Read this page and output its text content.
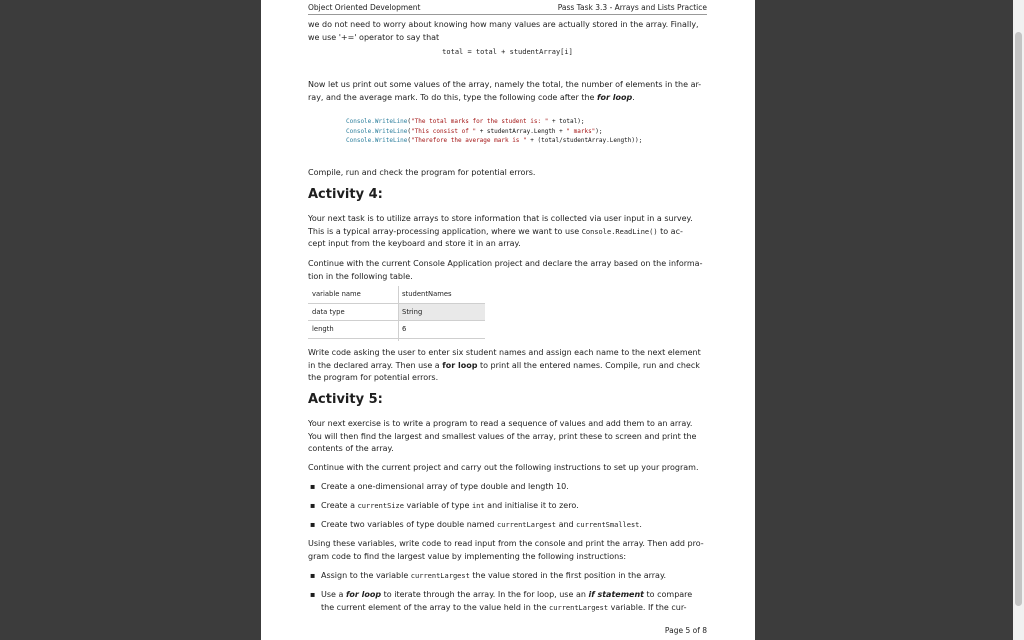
Object Oriented Development	Pass Task 3.3 - Arrays and Lists Practice

we do not need to worry about knowing how many values are actually stored in the array. Finally,
we use '+=' operator to say that

total = total + studentArray[i]

Now let us print out some values of the array, namely the total, the number of elements in the ar-
ray, and the average mark. To do this, type the following code after the for loop.

Console.WriteLine("The total marks for the student is: " + total);
Console.WriteLine("This consist of " + studentArray.Length + " marks");
Console.WriteLine("Therefore the average mark is " + (total/studentArray.Length));

Compile, run and check the program for potential errors.

Activity 4:

Your next task is to utilize arrays to store information that is collected via user input in a survey.
This is a typical array-processing application, where we want to use Console.ReadLine() to ac-
cept input from the keyboard and store it in an array.

Continue with the current Console Application project and declare the array based on the informa-
tion in the following table.

variable name	studentNames
data type	String
length	6

Write code asking the user to enter six student names and assign each name to the next element
in the declared array. Then use a for loop to print all the entered names. Compile, run and check
the program for potential errors.

Activity 5:

Your next exercise is to write a program to read a sequence of values and add them to an array.
You will then find the largest and smallest values of the array, print these to screen and print the
contents of the array.

Continue with the current project and carry out the following instructions to set up your program.

▪ Create a one-dimensional array of type double and length 10.
▪ Create a currentSize variable of type int and initialise it to zero.
▪ Create two variables of type double named currentLargest and currentSmallest.

Using these variables, write code to read input from the console and print the array. Then add pro-
gram code to find the largest value by implementing the following instructions:

▪ Assign to the variable currentLargest the value stored in the first position in the array.
▪ Use a for loop to iterate through the array. In the for loop, use an if statement to compare
the current element of the array to the value held in the currentLargest variable. If the cur-
Page 5 of 8
